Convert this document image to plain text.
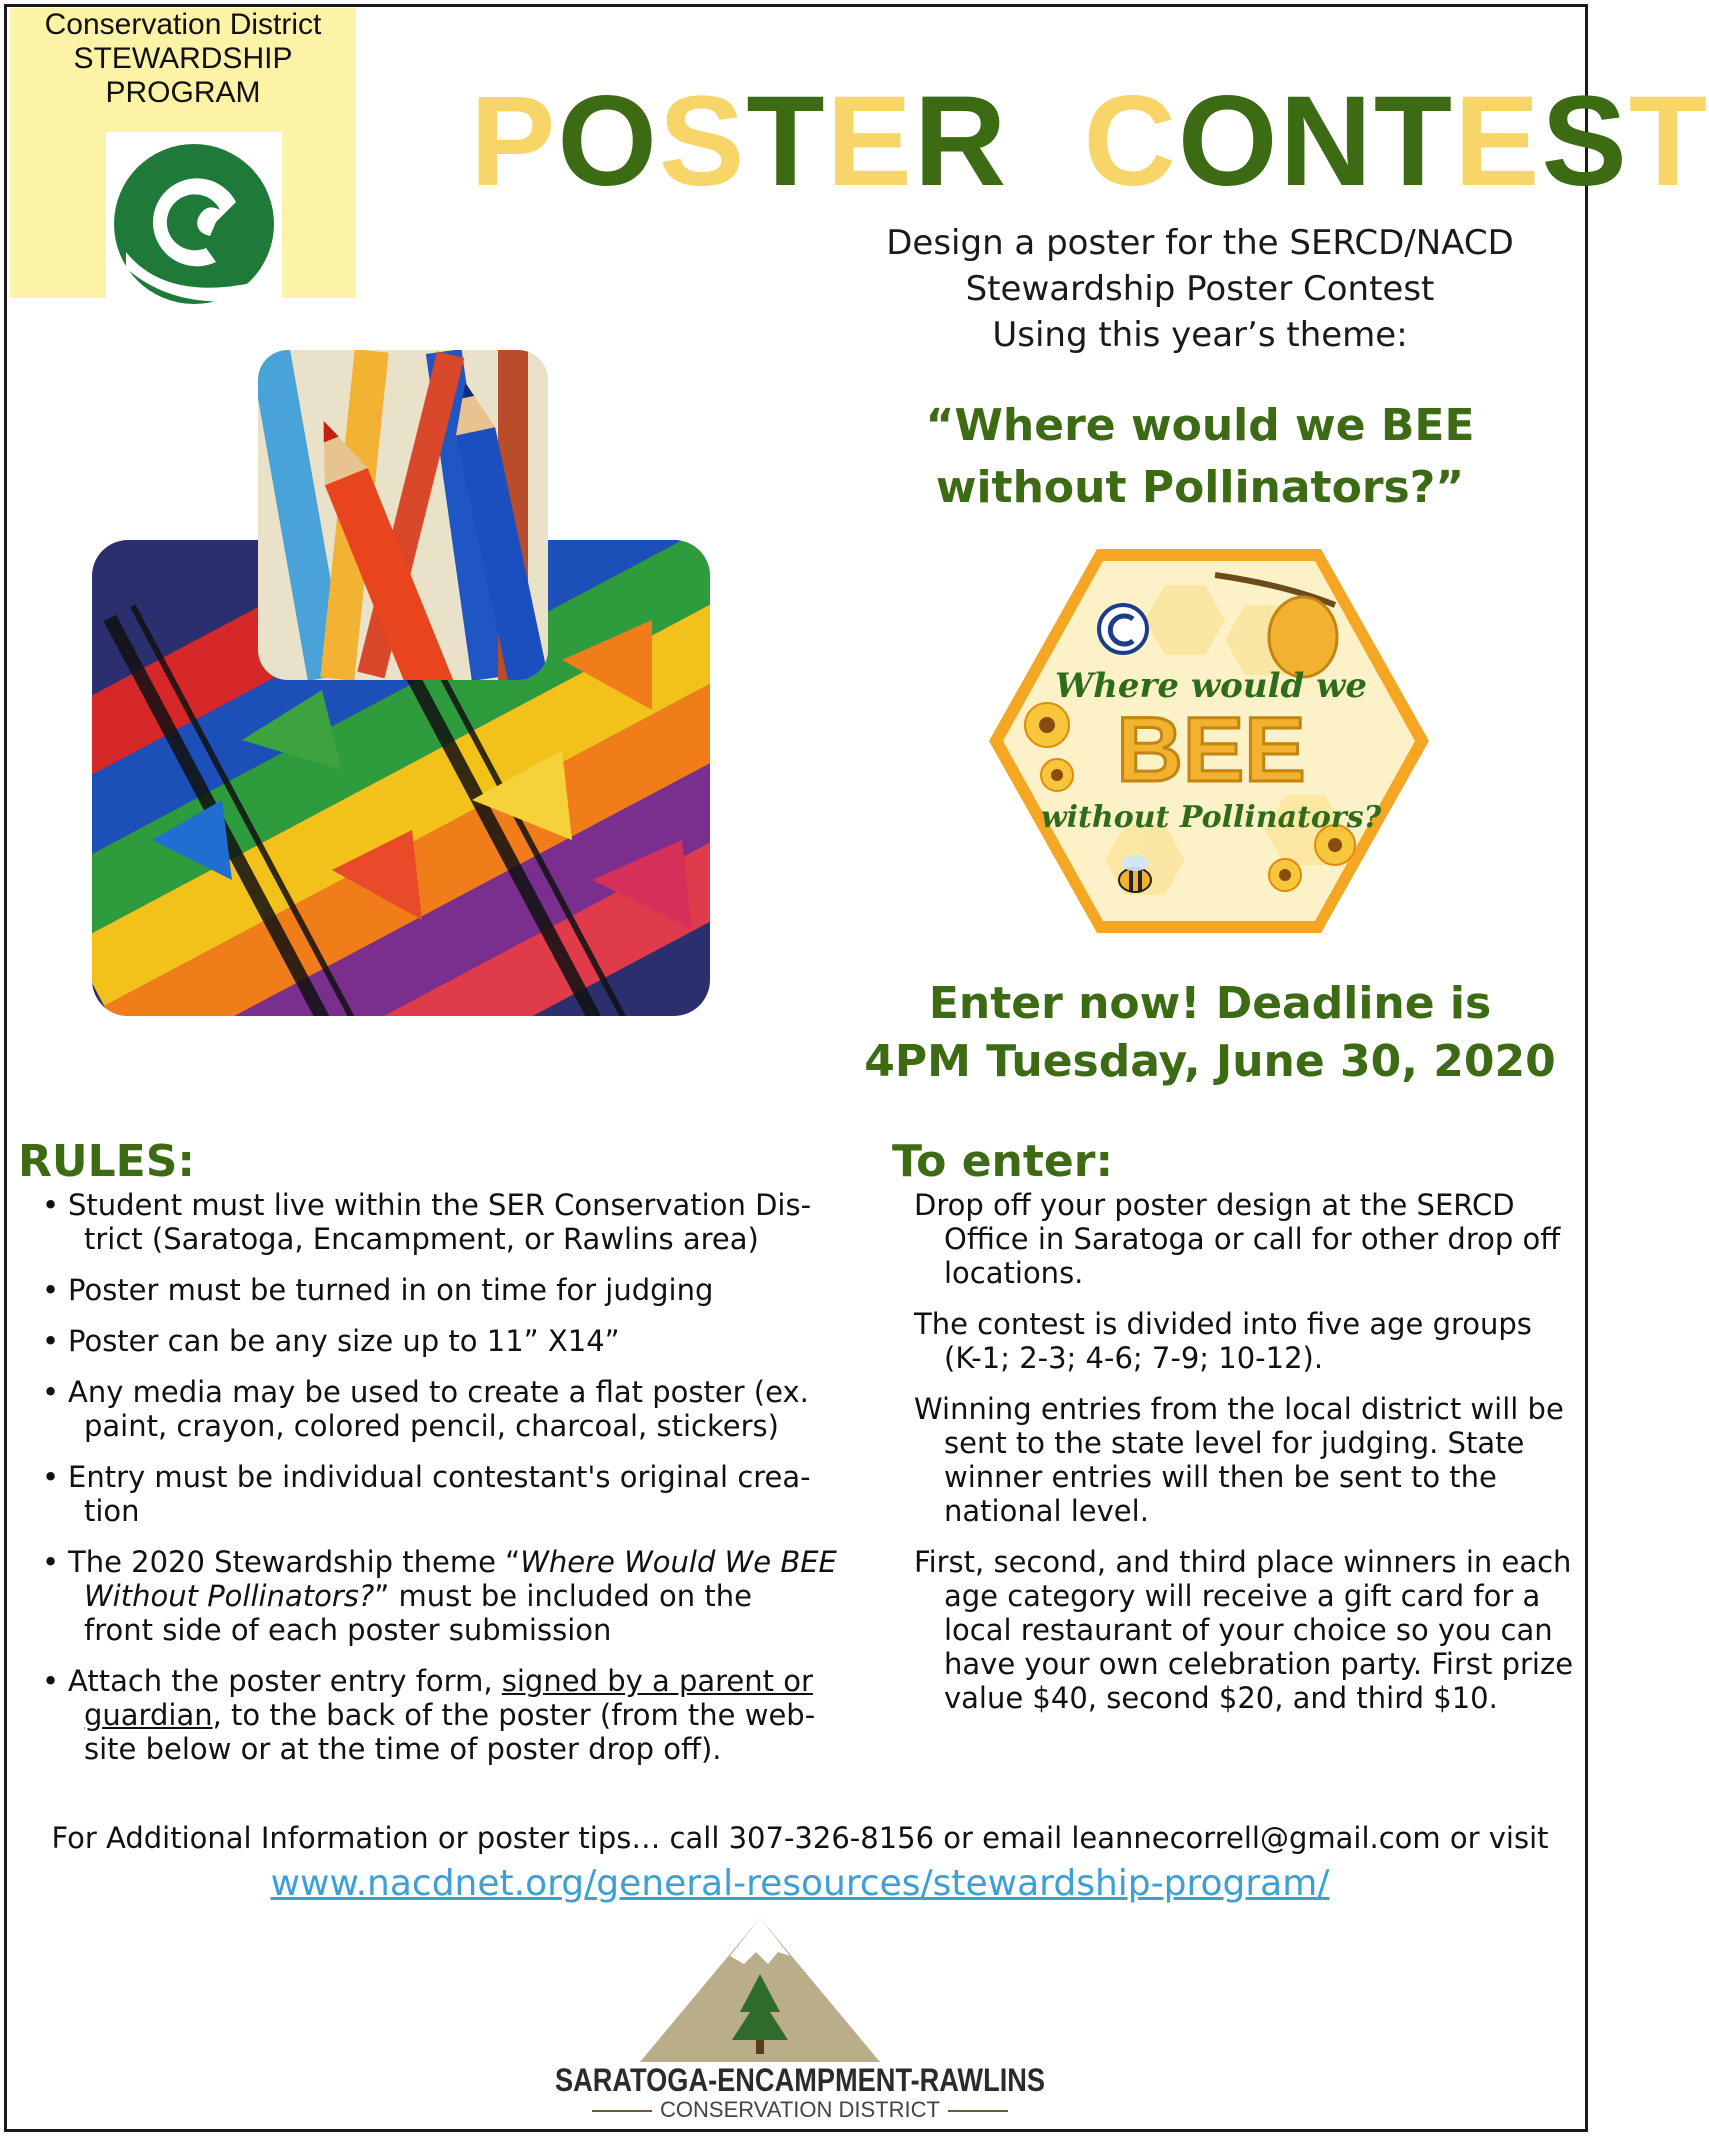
Conservation District
STEWARDSHIP
PROGRAM	POSTER CONTEST
Design a poster for the SERCD/NACD
Stewardship Poster Contest
Using this year’s theme:
“Where would we BEE
without Pollinators?”
Where would we
BEE
without Pollinators?
Enter now! Deadline is
4PM Tuesday, June 30, 2020
RULES:
• Student must live within the SER Conservation Dis-
trict (Saratoga, Encampment, or Rawlins area)
• Poster must be turned in on time for judging
• Poster can be any size up to 11” X14”
• Any media may be used to create a flat poster (ex.
paint, crayon, colored pencil, charcoal, stickers)
• Entry must be individual contestant's original crea-
tion
• The 2020 Stewardship theme “Where Would We BEE
Without Pollinators?” must be included on the
front side of each poster submission
• Attach the poster entry form, signed by a parent or
guardian, to the back of the poster (from the web-
site below or at the time of poster drop off).
To enter:

Drop off your poster design at the SERCD Office in Saratoga or call for other drop off locations.

The contest is divided into five age groups (K-1; 2-3; 4-6; 7-9; 10-12).

Winning entries from the local district will be sent to the state level for judging. State winner entries will then be sent to the national level.

First, second, and third place winners in each age category will receive a gift card for a local restaurant of your choice so you can have your own celebration party. First prize value $40, second $20, and third $10.

For Additional Information or poster tips… call 307-326-8156 or email leannecorrell@gmail.com or visit
www.nacdnet.org/general-resources/stewardship-program/
SARATOGA-ENCAMPMENT-RAWLINS
CONSERVATION DISTRICT
